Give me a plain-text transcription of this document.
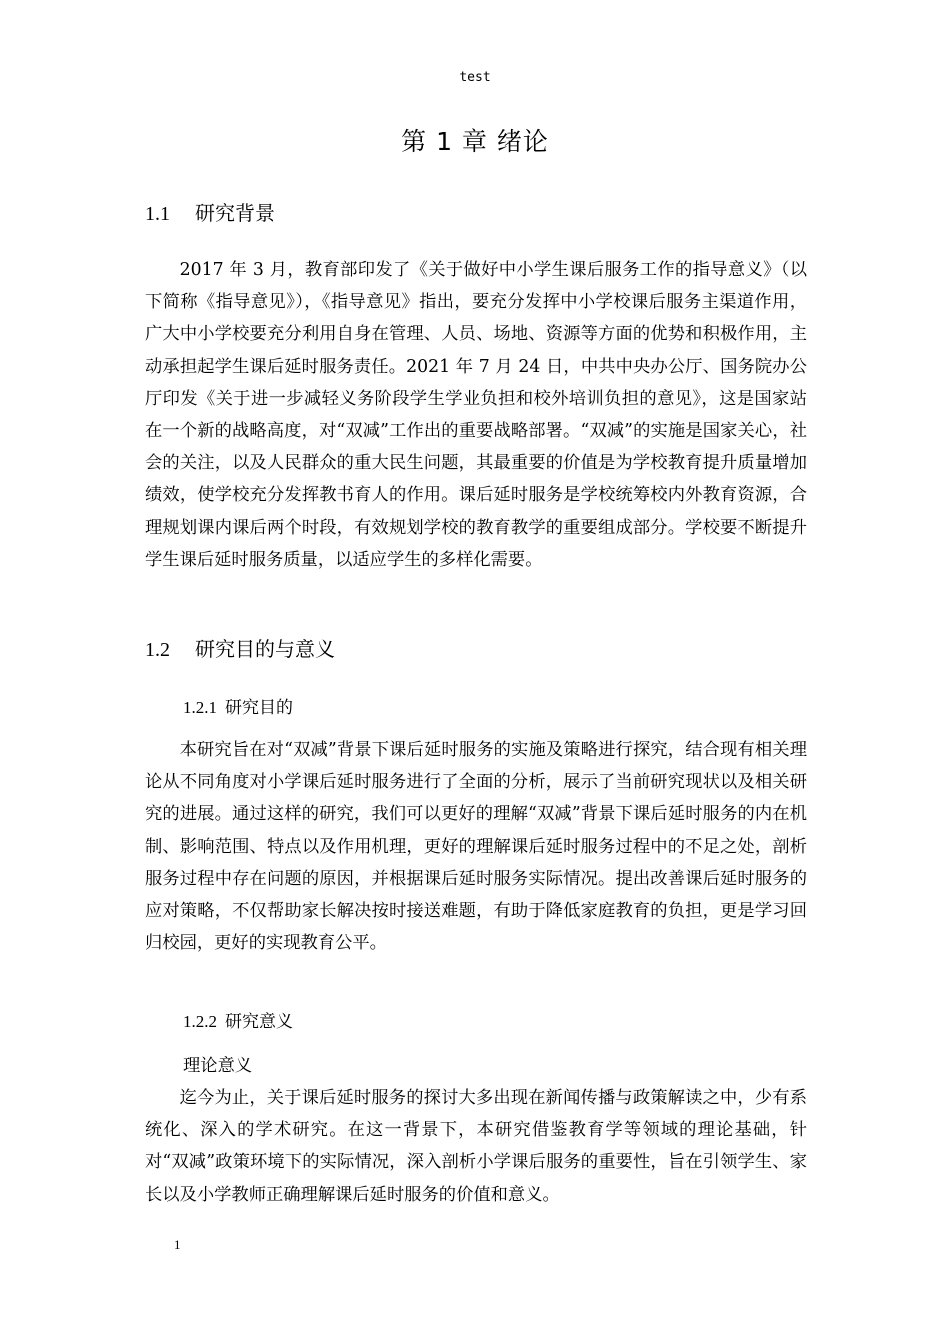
test
第 1 章 绪论
1.1 研究背景

2017 年 3 月，教育部印发了《关于做好中小学生课后服务工作的指导意义》（以下简称《指导意见》），《指导意见》指出，要充分发挥中小学校课后服务主渠道作用，广大中小学校要充分利用自身在管理、人员、场地、资源等方面的优势和积极作用，主动承担起学生课后延时服务责任。2021 年 7 月 24 日，中共中央办公厅、国务院办公厅印发《关于进一步减轻义务阶段学生学业负担和校外培训负担的意见》，这是国家站在一个新的战略高度，对“双减”工作出的重要战略部署。“双减”的实施是国家关心，社会的关注，以及人民群众的重大民生问题，其最重要的价值是为学校教育提升质量增加绩效，使学校充分发挥教书育人的作用。课后延时服务是学校统筹校内外教育资源，合理规划课内课后两个时段，有效规划学校的教育教学的重要组成部分。学校要不断提升学生课后延时服务质量，以适应学生的多样化需要。

1.2 研究目的与意义
1.2.1 研究目的

本研究旨在对“双减”背景下课后延时服务的实施及策略进行探究，结合现有相关理论从不同角度对小学课后延时服务进行了全面的分析，展示了当前研究现状以及相关研究的进展。通过这样的研究，我们可以更好的理解“双减”背景下课后延时服务的内在机制、影响范围、特点以及作用机理，更好的理解课后延时服务过程中的不足之处，剖析服务过程中存在问题的原因，并根据课后延时服务实际情况。提出改善课后延时服务的应对策略，不仅帮助家长解决按时接送难题，有助于降低家庭教育的负担，更是学习回归校园，更好的实现教育公平。

1.2.2 研究意义
理论意义

迄今为止，关于课后延时服务的探讨大多出现在新闻传播与政策解读之中，少有系统化、深入的学术研究。在这一背景下，本研究借鉴教育学等领域的理论基础，针对“双减”政策环境下的实际情况，深入剖析小学课后服务的重要性，旨在引领学生、家长以及小学教师正确理解课后延时服务的价值和意义。

1
